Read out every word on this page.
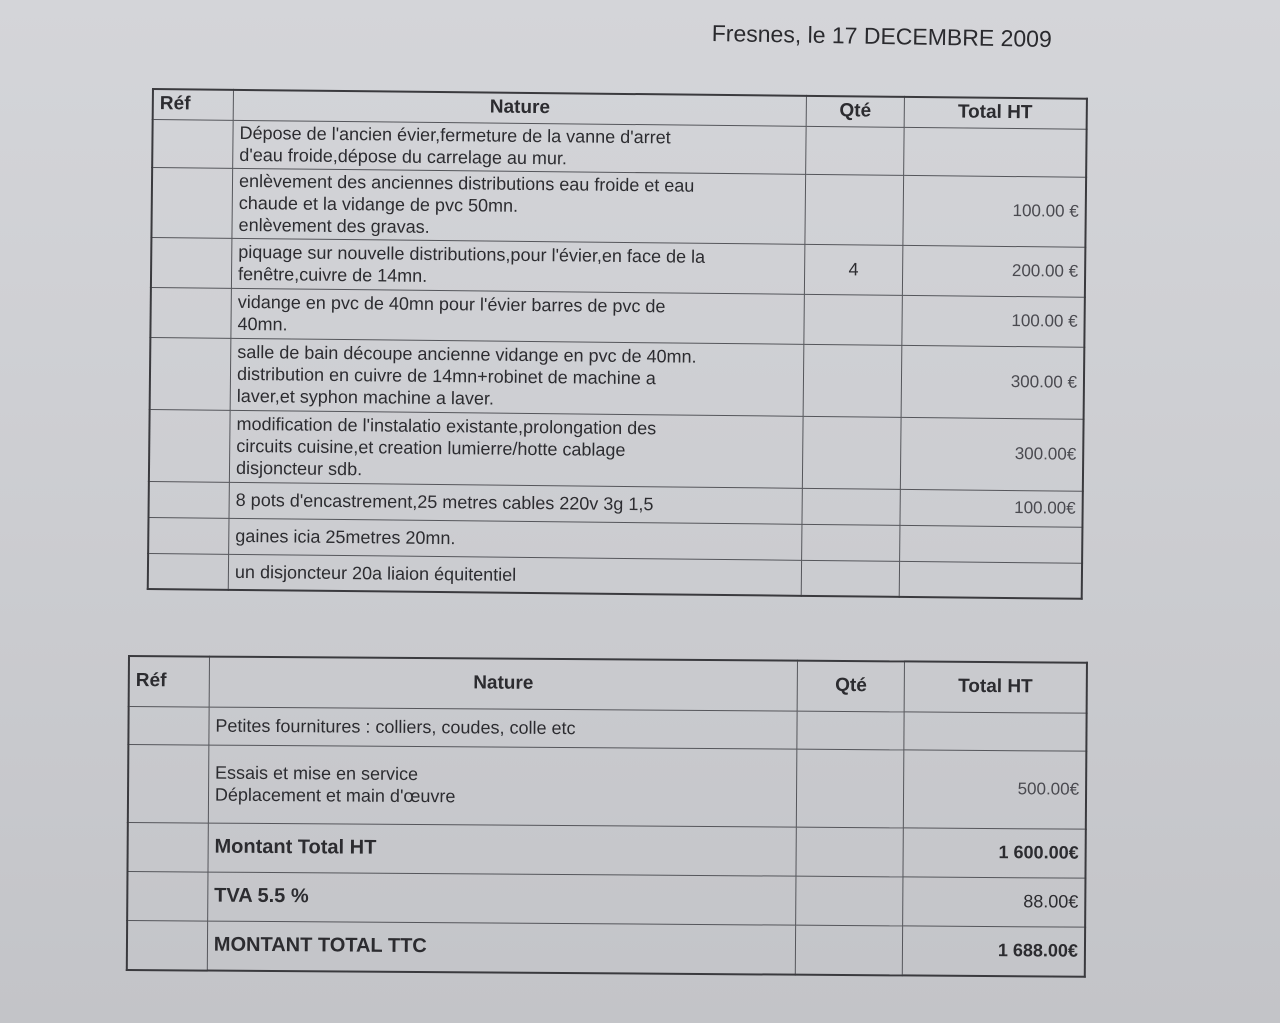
Fresnes, le 17 DECEMBRE 2009
Réf	Nature	Qté	Total HT
	Dépose de l'ancien évier,fermeture de la vanne d'arret
d'eau froide,dépose du carrelage au mur.		
	enlèvement des anciennes distributions eau froide et eau
chaude et la vidange de pvc 50mn.
enlèvement des gravas.		100.00 €
	piquage sur nouvelle distributions,pour l'évier,en face de la
fenêtre,cuivre de 14mn.	4	200.00 €
	vidange en pvc de 40mn pour l'évier barres de pvc de
40mn.		100.00 €
	salle de bain découpe ancienne vidange en pvc de 40mn.
distribution en cuivre de 14mn+robinet de machine a
laver,et syphon machine a laver.		300.00 €
	modification de l'instalatio existante,prolongation des
circuits cuisine,et creation lumierre/hotte cablage
disjoncteur sdb.		300.00€
	8 pots d'encastrement,25 metres cables 220v 3g 1,5		100.00€
	gaines icia 25metres 20mn.		
	un disjoncteur 20a liaion équitentiel		
Réf	Nature	Qté	Total HT
	Petites fournitures : colliers, coudes, colle etc		
	Essais et mise en service
Déplacement et main d'œuvre		500.00€
	Montant Total HT		1 600.00€
	TVA 5.5 %		88.00€
	MONTANT TOTAL TTC		1 688.00€
